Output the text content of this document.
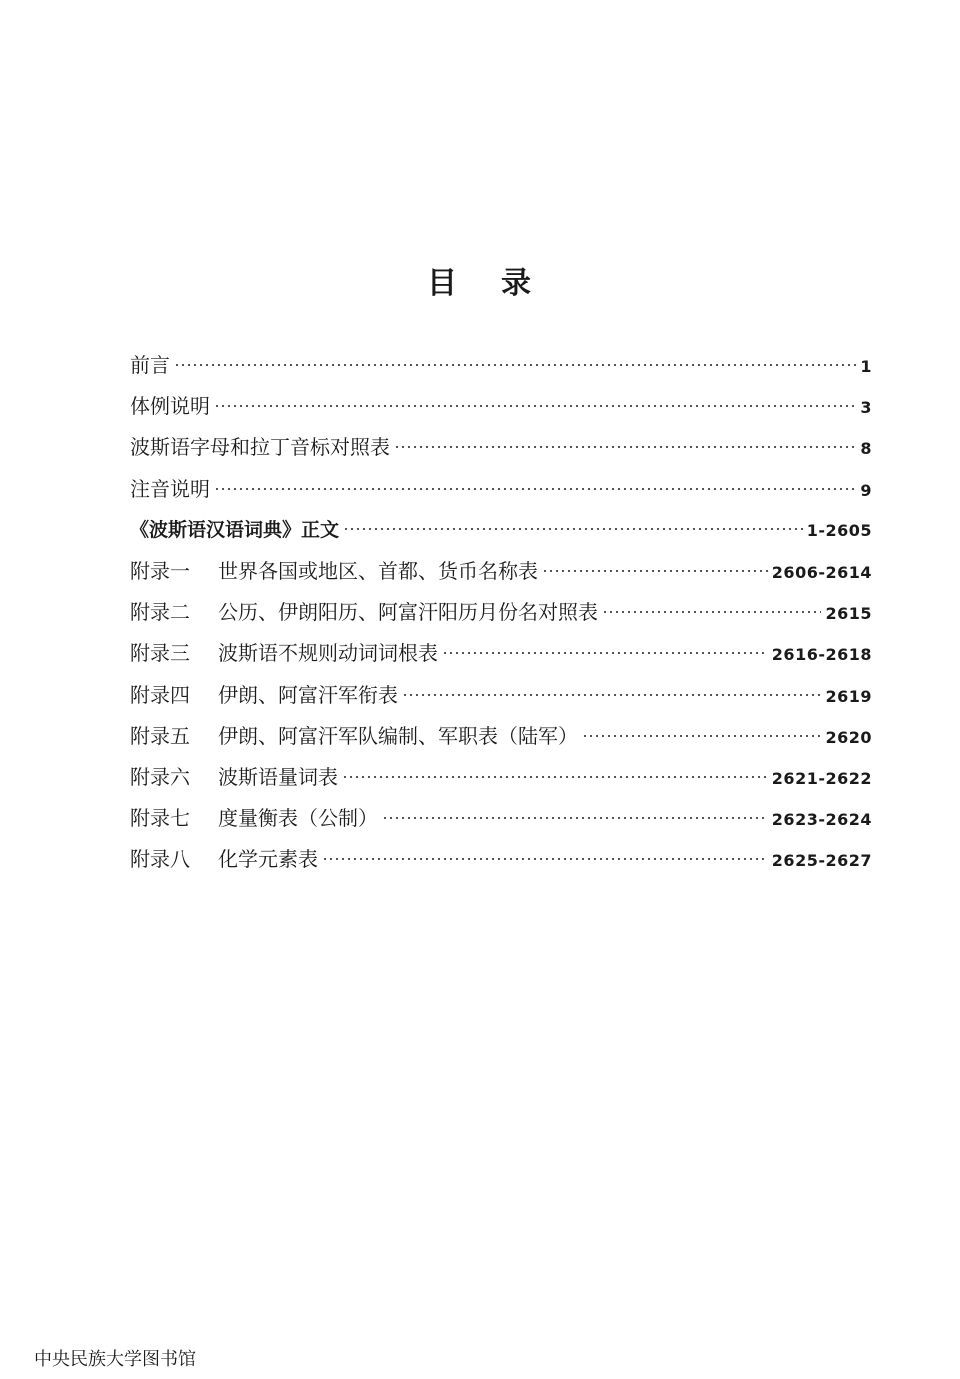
目 录
前言	1
体例说明	3
波斯语字母和拉丁音标对照表	8
注音说明	9
《波斯语汉语词典》正文	1-2605
附录一	世界各国或地区、首都、货币名称表	2606-2614
附录二	公历、伊朗阳历、阿富汗阳历月份名对照表	2615
附录三	波斯语不规则动词词根表	2616-2618
附录四	伊朗、阿富汗军衔表	2619
附录五	伊朗、阿富汗军队编制、军职表（陆军）	2620
附录六	波斯语量词表	2621-2622
附录七	度量衡表（公制）	2623-2624
附录八	化学元素表	2625-2627
中央民族大学图书馆
